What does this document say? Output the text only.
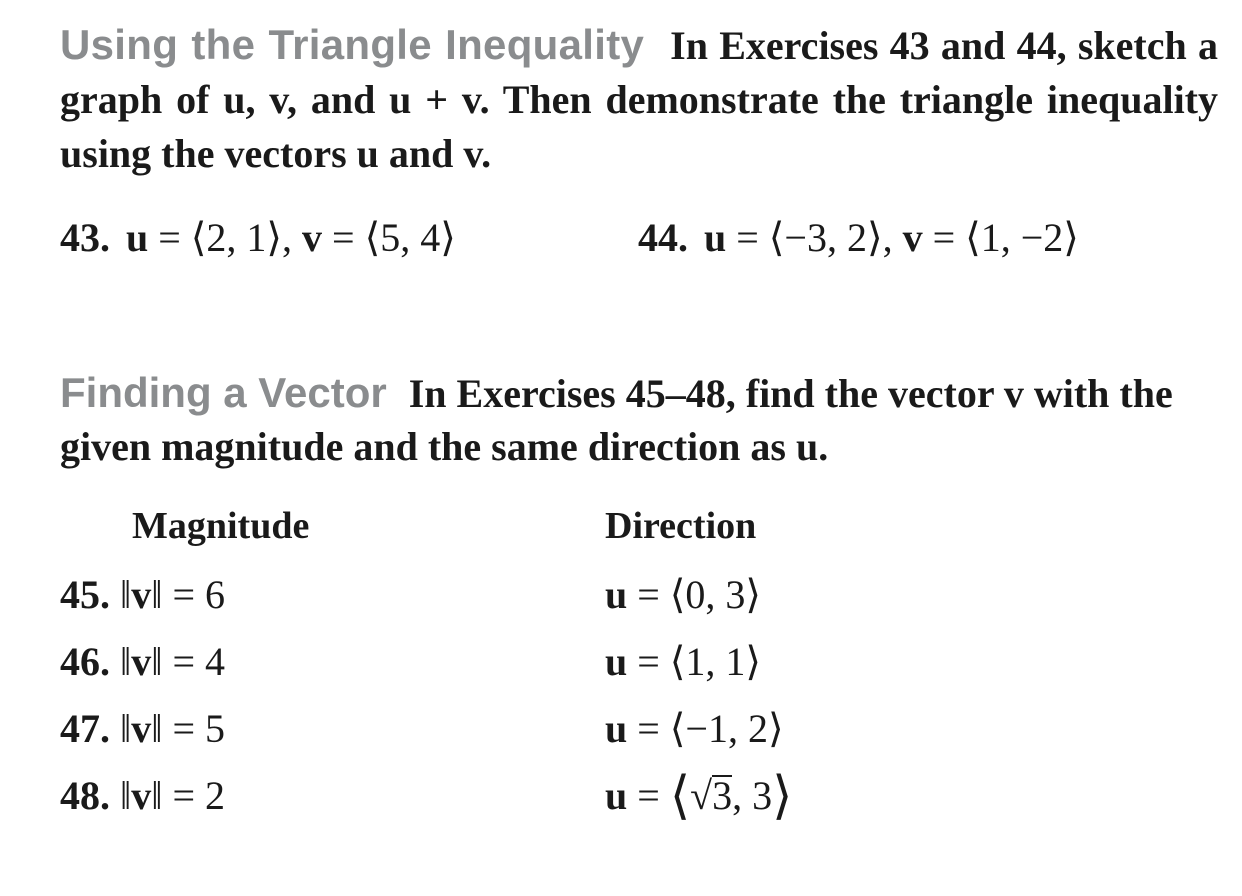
Using the Triangle Inequality In Exercises 43 and 44, sketch a graph of u, v, and u + v. Then demonstrate the triangle inequality using the vectors u and v.
43. u = ⟨2, 1⟩, v = ⟨5, 4⟩	44. u = ⟨−3, 2⟩, v = ⟨1, −2⟩
Finding a Vector In Exercises 45–48, find the vector v with the given magnitude and the same direction as u.
Magnitude	Direction
45. ‖v‖ = 6	u = ⟨0, 3⟩
46. ‖v‖ = 4	u = ⟨1, 1⟩
47. ‖v‖ = 5	u = ⟨−1, 2⟩
48. ‖v‖ = 2	u = ⟨√3, 3⟩
